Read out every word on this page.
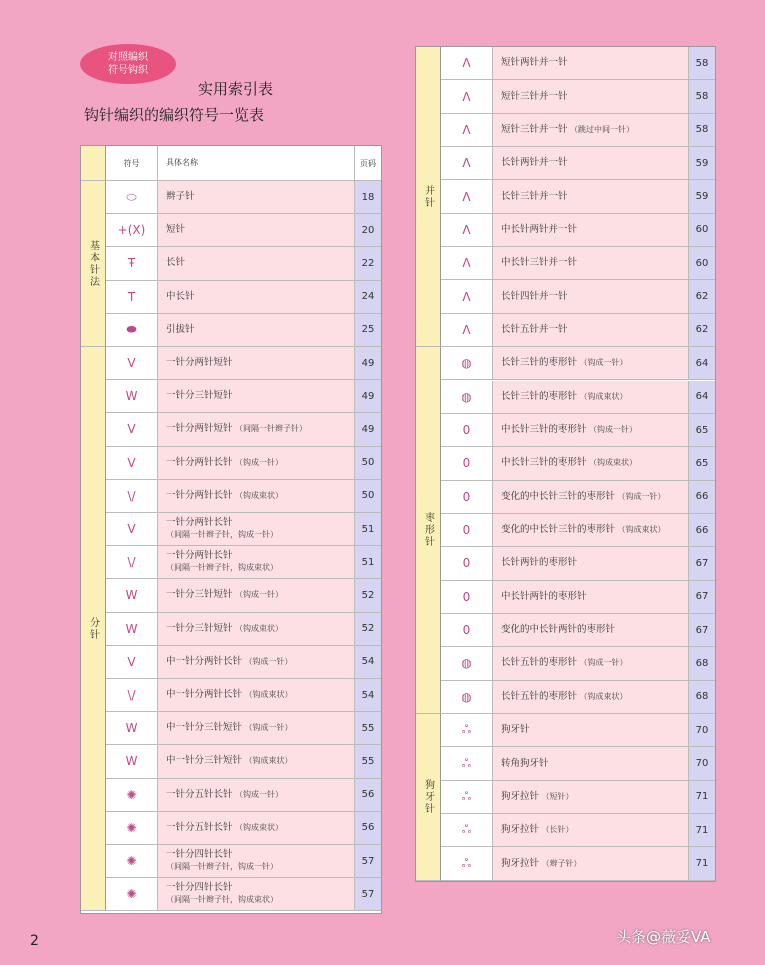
对照编织
符号钩织
实用索引表
钩针编织的编织符号一览表
符号	具体名称	页码
基本针法
⬭	辫子针	18
+(X)	短针	20
Ŧ	长针	22
T	中长针	24
⬬	引拔针	25
分针
V	一针分两针短针	49
W	一针分三针短针	49
V	一针分两针短针 （间隔一针辫子针）	49
V	一针分两针长针 （钩成一针）	50
\/	一针分两针长针 （钩成束状）	50
V	一针分两针长针
（间隔一针辫子针，钩成一针）	51
\/	一针分两针长针
（间隔一针辫子针，钩成束状）	51
W	一针分三针短针 （钩成一针）	52
W	一针分三针短针 （钩成束状）	52
V	中一针分两针长针 （钩成一针）	54
\/	中一针分两针长针 （钩成束状）	54
W	中一针分三针短针 （钩成一针）	55
W	中一针分三针短针 （钩成束状）	55
✺	一针分五针长针 （钩成一针）	56
✺	一针分五针长针 （钩成束状）	56
✺	一针分四针长针
（间隔一针辫子针，钩成一针）	57
✺	一针分四针长针
（间隔一针辫子针，钩成束状）	57
并针
Λ	短针两针并一针	58
Λ	短针三针并一针	58
Λ	短针三针并一针 （跳过中间一针）	58
Λ	长针两针并一针	59
Λ	长针三针并一针	59
Λ	中长针两针并一针	60
Λ	中长针三针并一针	60
Λ	长针四针并一针	62
Λ	长针五针并一针	62
枣形针
◍	长针三针的枣形针 （钩成一针）	64
◍	长针三针的枣形针 （钩成束状）	64
0	中长针三针的枣形针 （钩成一针）	65
0	中长针三针的枣形针 （钩成束状）	65
0	变化的中长针三针的枣形针 （钩成一针）	66
0	变化的中长针三针的枣形针 （钩成束状）	66
0	长针两针的枣形针	67
0	中长针两针的枣形针	67
0	变化的中长针两针的枣形针	67
◍	长针五针的枣形针 （钩成一针）	68
◍	长针五针的枣形针 （钩成束状）	68
狗牙针
ஃ	狗牙针	70
ஃ	转角狗牙针	70
ஃ	狗牙拉针 （短针）	71
ஃ	狗牙拉针 （长针）	71
ஃ	狗牙拉针 （辫子针）	71
2	头条@薇妥VA
